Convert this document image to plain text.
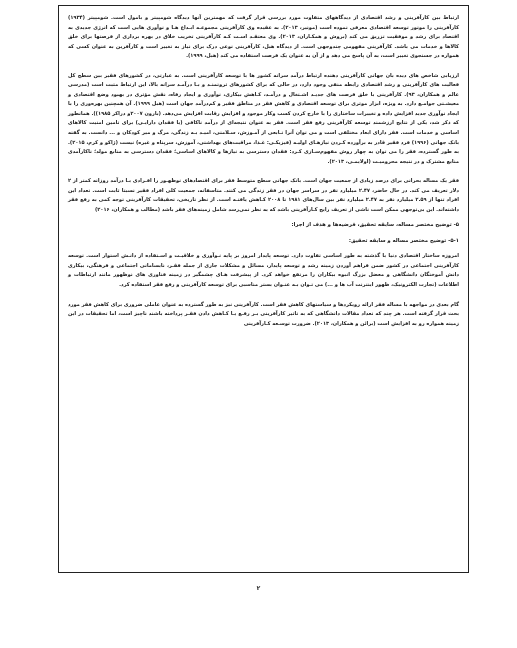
ارتباط بین کارآفرینی و رشد اقتصادی از دیدگاههای متفاوت مورد بررسی قرار گرفت که مهمترین آنها دیدگاه شومپیتر و بامول است. شومپیتر (۱۹۳۴) کارآفرینی را موتور توسعه اقتصادی معرفی نموده است (مونیر، ۲۰۱۳). به عقیده وی کارآفرینی مجموعـه ابـداع هـا و نوآوری هایی است که انرژی جدیدی به اقتصاد برای رشد و موفقیت تزریق می کند (بروش و همکـاران، ۲۰۱۳). وی معتقـد اسـت کـه کارآفرینی تخریب خلاق در بهره برداری از فرصتها برای خلق کالاها و خدمات می باشد. کارآفرینی مفهومی چندوجهی است. از دیدگاه هبل، کارآفرینی نوعی درک برای نیاز به تغییر است و کارآفرین به عنوان کسی که همواره در جستجوی تغییر است، به آن پاسخ می دهد و از آن به عنوان یک فرصت استفاده می کند (هبل، ۱۹۹۹).

ارزیابی شاخص های دیده بان جهانی کارآفرینی دهنده ارتباط درآمد سرانه کشور ها با توسعه کارآفرینی است. به عبارتی، در کشورهای فقیر بین سطح کل فعالیت های کارآفرینی و رشد اقتصادی رابطه منفی وجود دارد، در حالی که برای کشورهای ثروتمنـد و بـا درآمـد سرانه بالا، این ارتباط مثبت است (مدرسی عالم و همکاران، ۹۳). کارآفرینی با خلق فرصت های جدیـد اشـتغال و درآمـد، کـاهش بیکاری، نوآوری و ایجاد رفاه، نقش مؤثری در بهبود وضع اقتصادی و معیشـتی جوامـع دارد. به ویژه، ابزار موثری برای توسعه اقتصادی و کاهش فقر در مناطق فقیر و کم‌درآمد جهان است (هبل ۱۹۹۹). آن همچنین بهره‌وری را با ایجاد نوآوری جدید افزایش داده و تغییرات ساختاری را با خارج کردن کسب وکار موجود و افزایش رقابت افزایش می‌دهد. (بارون ۲۰۰۷و دراکر ۱۹۸۵)). همانطور که ذکر شد، یکی از نتایج ارزشمند توسعه کارآفرینی رفع فقر است. فقر به عنوان نتیجه‌ای از درآمد ناکافی (یا فقدان دارایـی) برای تامین امنیت کالاهای اساسی و خدمات است. فقر دارای ابعاد مختلفی است و می توان آنرا تـابعی از آمـوزش، سـلامتی، امیـد بـه زندگی، مرگ و میر کودکان و ... دانست. به گفته بانک جهانی (۱۹۹۶) فرد فقیر قادر به برآورده کـردن نیازهـای اولیـه (فیزیکـی: غـذا، مراقبت‌های بهداشتی، آموزش، سرپناه و غیره) نیست (ژاکو و کرم، ۲۰۱۵). به طور گسترده، فقر را می توان به چهار روش مفهوم‌سـازی کـرد: فقدان دسترسی به نیازها و کالاهای اساسی؛ فقدان دسترسی به منابع مولد؛ ناکارآمدی منابع مشترک و در نتیجه محرومیـت (اولایمـی، ۲۰۱۳).

فقر یک مساله بحرانی برای درصد زیادی از جمعیت جهان است. بانک جهانی سطح متوسط فقر برای اقتصادهای نوظهـور را افـرادی بـا درآمد روزانه کمتر از ۲ دلار تعریف می کند. در حال حاضر، ۲.۴۷ میلیارد نفر در سراسر جهان در فقر زندگی می کنند. متاسفانه، جمعیت کلی افراد فقیر نسبتا ثابت است. تعداد این افراد تنها از ۲.۵۹ میلیارد نفر به ۲.۴۷ میلیارد نفر بین سال‌های ۱۹۸۱ تا ۲۰۰۸ کـاهش یافتـه است. از نظر تاریخی، تحقیقات کارآفرینی توجه کمی به رفع فقر داشته‌اند. این بی‌توجهی ممکن است ناشی از تعریف رایج کـارآفرینی باشد که به نظر نمی‌رسد شامل زمینه‌های فقر باشد (مطالب و همکاران، ۲۰۱۶)

۵- توضیح مختصر مساله، سابقه تحقیق، فرضیه‌ها و هدف از اجرا:

۵-۱- توضیح مختصر مساله و سابقه تحقیق:

امروزه ساختار اقتصادی دنیا با گذشته به طور اساسی تفاوت دارد. توسعه پایدار امروز بر پایه نـوآوری و خلاقیـت و اسـتفاده از دانـش استوار است. توسعه کارآفرینی اجتماعی در کشور ضمن فراهم آوردن زمینه رشد و توسعه پایدار، مسائل و مشکلات جاری از جمله فقـر، نابسامانی اجتماعی و فرهنگی، بیکاری دانش آموختگان دانشگاهی و معضل بزرگ انبوه بیکاران را مرتفع خواهد کرد. از پیشرفت هـای چشمگیر در زمینه فناوری های نوظهور مانند ارتباطات و اطلاعات (تجارت الکترونیک، ظهور اینترنت آب ها و ...) می تـوان بـه عنـوان بستر مناسبی برای توسعه کارآفرینی و رفع فقر استفاده کرد.

گام بعدی در مواجهه با مساله فقر ارائه رویکردها و سیاستهای کاهش فقر است. کارآفرینی نیز به طور گسترده به عنوان عاملی ضروری برای کاهش فقر مورد بحث قرار گرفته است. هر چند که تعداد مقالات دانشگاهی که به تاثیر کارآفرینی بـر رفـع یـا کـاهش دادن فقـر پرداخته باشند ناچیز است، اما تحقیقات در این زمینه همواره رو به افزایش است (برائن و همکاران، ۲۰۱۳). ضرورت توسـعه کـارآفرینی

۲
